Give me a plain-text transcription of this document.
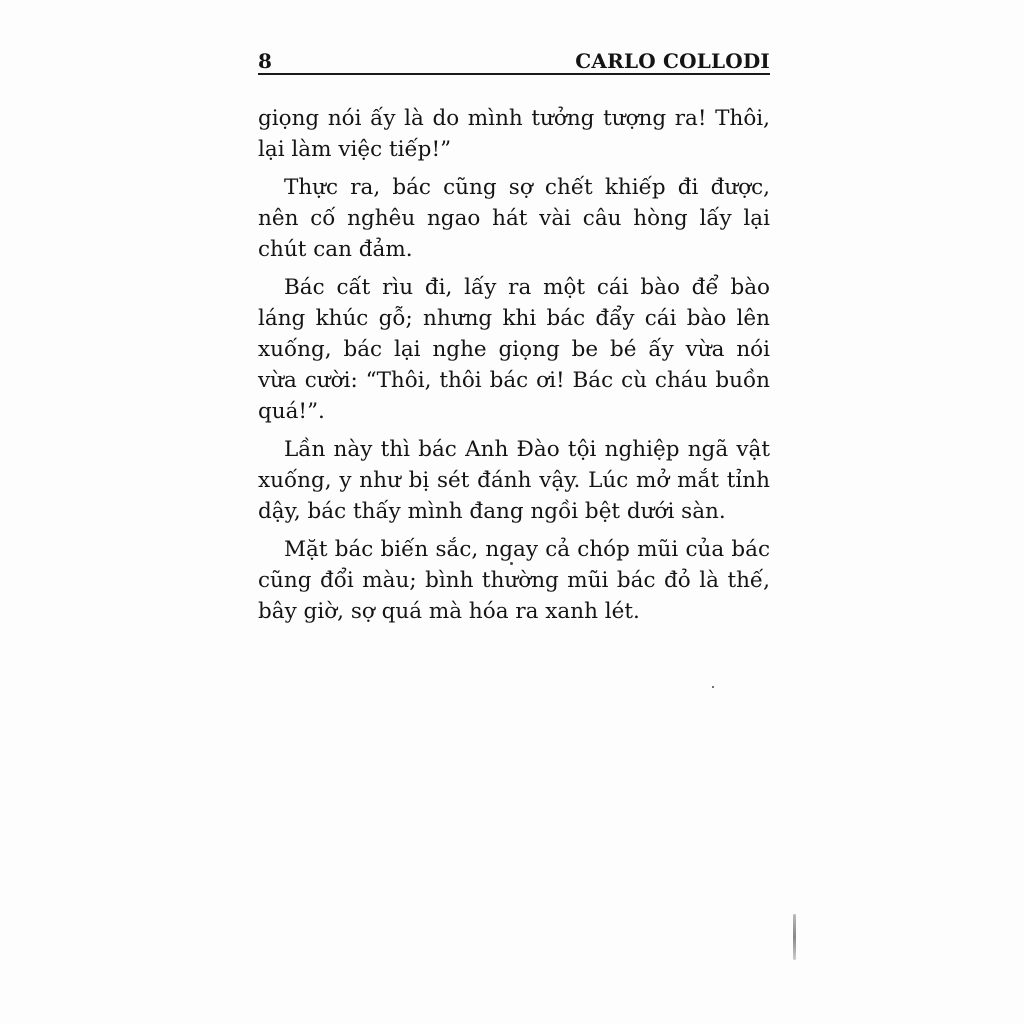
8	CARLO COLLODI

giọng nói ấy là do mình tưởng tượng ra! Thôi, lại làm việc tiếp!”

Thực ra, bác cũng sợ chết khiếp đi được, nên cố nghêu ngao hát vài câu hòng lấy lại chút can đảm.

Bác cất rìu đi, lấy ra một cái bào để bào láng khúc gỗ; nhưng khi bác đẩy cái bào lên xuống, bác lại nghe giọng be bé ấy vừa nói vừa cười: “Thôi, thôi bác ơi! Bác cù cháu buồn quá!”.

Lần này thì bác Anh Đào tội nghiệp ngã vật xuống, y như bị sét đánh vậy. Lúc mở mắt tỉnh dậy, bác thấy mình đang ngồi bệt dưới sàn.

Mặt bác biến sắc, ngay cả chóp mũi của bác cũng đổi màu; bình thường mũi bác đỏ là thế, bây giờ, sợ quá mà hóa ra xanh lét.
